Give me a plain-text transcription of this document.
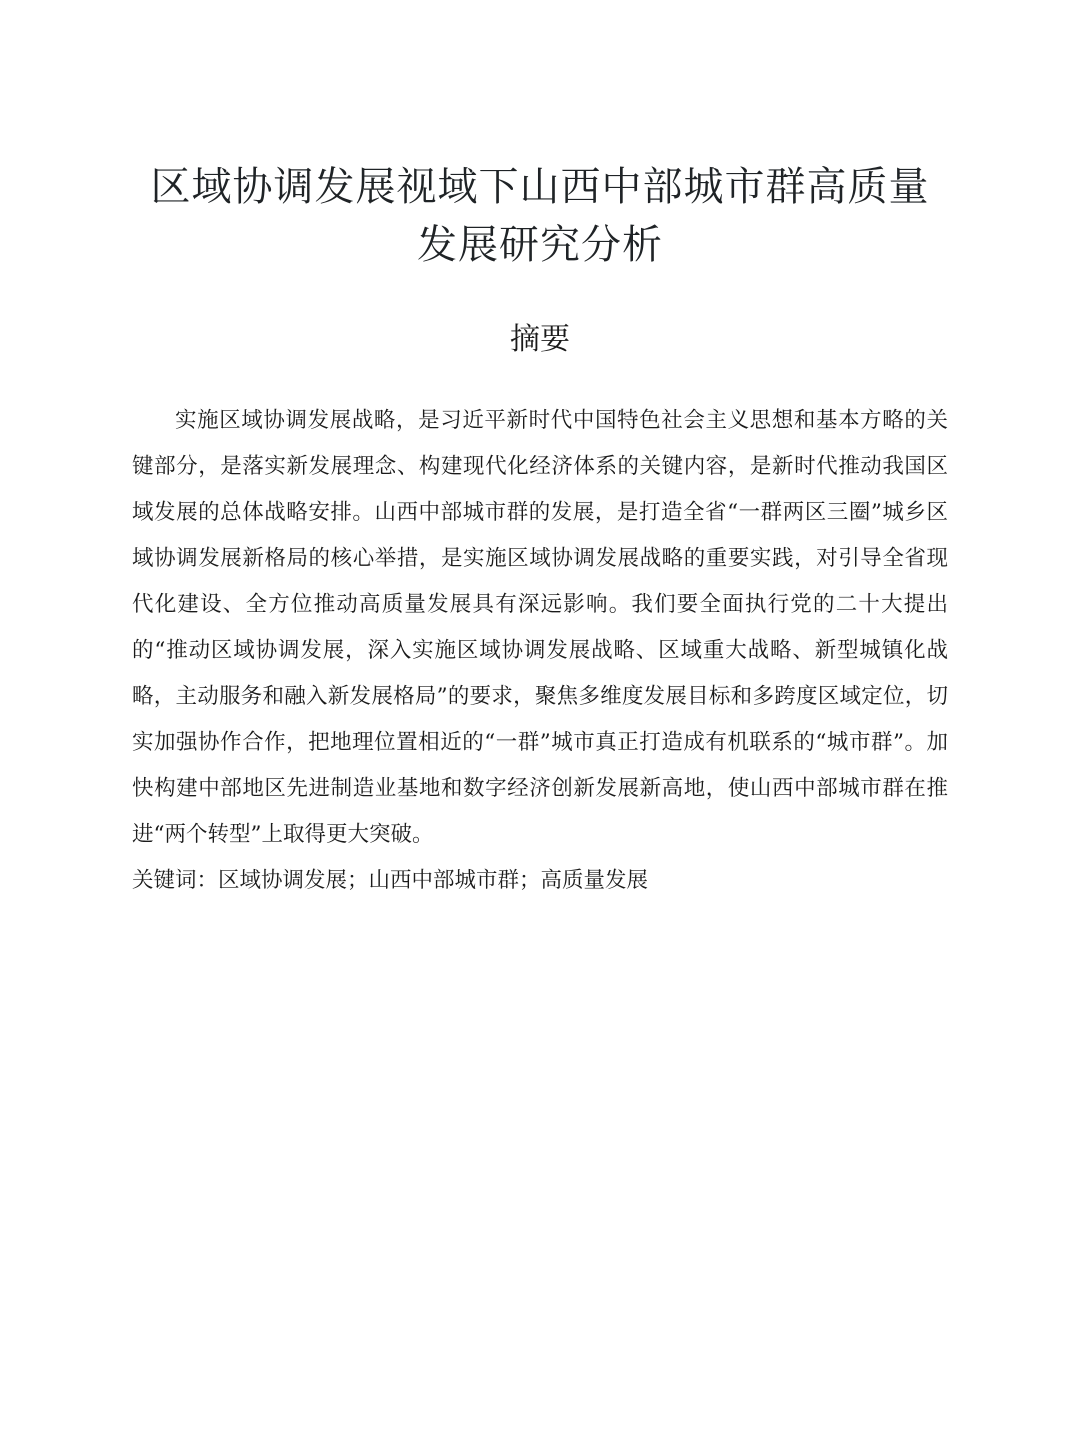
区域协调发展视域下山西中部城市群高质量发展研究分析
摘要

实施区域协调发展战略，是习近平新时代中国特色社会主义思想和基本方略的关键部分，是落实新发展理念、构建现代化经济体系的关键内容，是新时代推动我国区域发展的总体战略安排。山西中部城市群的发展，是打造全省“一群两区三圈”城乡区域协调发展新格局的核心举措，是实施区域协调发展战略的重要实践，对引导全省现代化建设、全方位推动高质量发展具有深远影响。我们要全面执行党的二十大提出的“推动区域协调发展，深入实施区域协调发展战略、区域重大战略、新型城镇化战略，主动服务和融入新发展格局”的要求，聚焦多维度发展目标和多跨度区域定位，切实加强协作合作，把地理位置相近的“一群”城市真正打造成有机联系的“城市群”。加快构建中部地区先进制造业基地和数字经济创新发展新高地，使山西中部城市群在推进“两个转型”上取得更大突破。

关键词：区域协调发展；山西中部城市群；高质量发展
